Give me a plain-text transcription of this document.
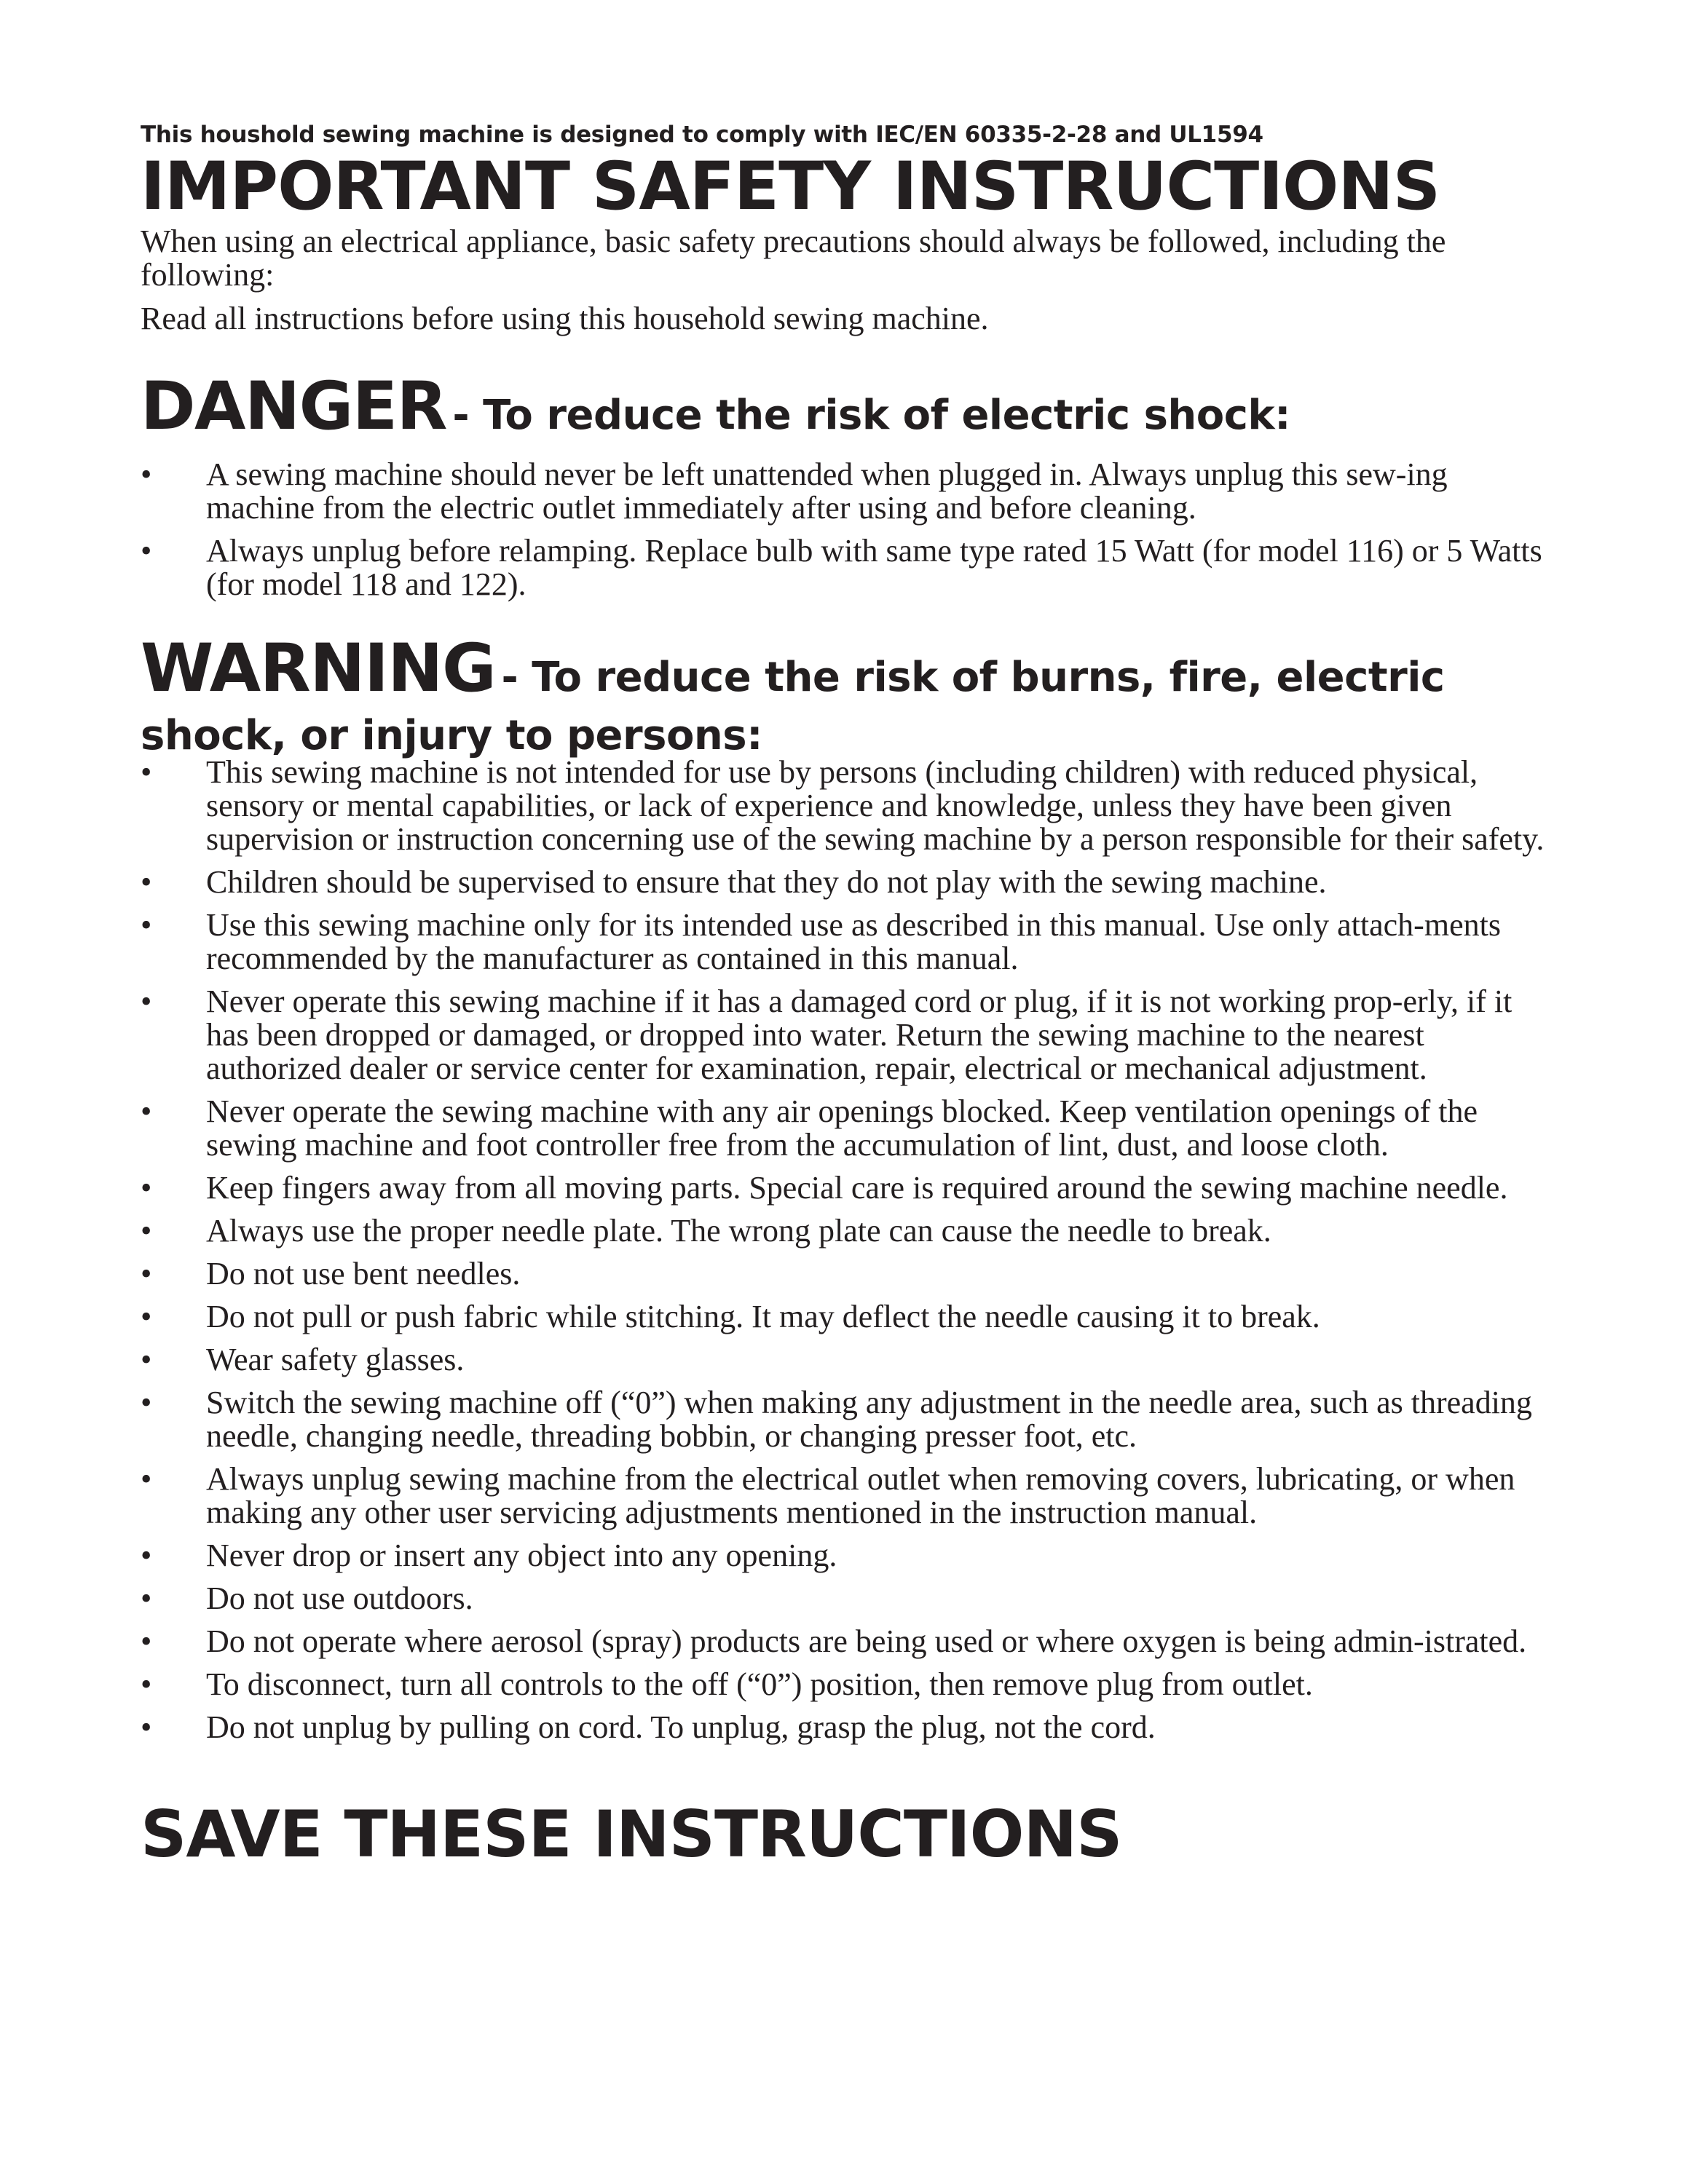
This houshold sewing machine is designed to comply with IEC/EN 60335-2-28 and UL1594

IMPORTANT SAFETY INSTRUCTIONS

When using an electrical appliance, basic safety precautions should always be followed, including the following:

Read all instructions before using this household sewing machine.

DANGER - To reduce the risk of electric shock:
•	A sewing machine should never be left unattended when plugged in. Always unplug this sew-ing machine from the electric outlet immediately after using and before cleaning.
•	Always unplug before relamping. Replace bulb with same type rated 15 Watt (for model 116) or 5 Watts (for model 118 and 122).
WARNING - To reduce the risk of burns, fire, electric
shock, or injury to persons:
•	This sewing machine is not intended for use by persons (including children) with reduced physical, sensory or mental capabilities, or lack of experience and knowledge, unless they have been given supervision or instruction concerning use of the sewing machine by a person responsible for their safety.
•	Children should be supervised to ensure that they do not play with the sewing machine.
•	Use this sewing machine only for its intended use as described in this manual. Use only attach-ments recommended by the manufacturer as contained in this manual.
•	Never operate this sewing machine if it has a damaged cord or plug, if it is not working prop-erly, if it has been dropped or damaged, or dropped into water. Return the sewing machine to the nearest authorized dealer or service center for examination, repair, electrical or mechanical adjustment.
•	Never operate the sewing machine with any air openings blocked. Keep ventilation openings of the sewing machine and foot controller free from the accumulation of lint, dust, and loose cloth.
•	Keep fingers away from all moving parts. Special care is required around the sewing machine needle.
•	Always use the proper needle plate. The wrong plate can cause the needle to break.
•	Do not use bent needles.
•	Do not pull or push fabric while stitching. It may deflect the needle causing it to break.
•	Wear safety glasses.
•	Switch the sewing machine off (“0”) when making any adjustment in the needle area, such as threading needle, changing needle, threading bobbin, or changing presser foot, etc.
•	Always unplug sewing machine from the electrical outlet when removing covers, lubricating, or when making any other user servicing adjustments mentioned in the instruction manual.
•	Never drop or insert any object into any opening.
•	Do not use outdoors.
•	Do not operate where aerosol (spray) products are being used or where oxygen is being admin-istrated.
•	To disconnect, turn all controls to the off (“0”) position, then remove plug from outlet.
•	Do not unplug by pulling on cord. To unplug, grasp the plug, not the cord.
SAVE THESE INSTRUCTIONS
